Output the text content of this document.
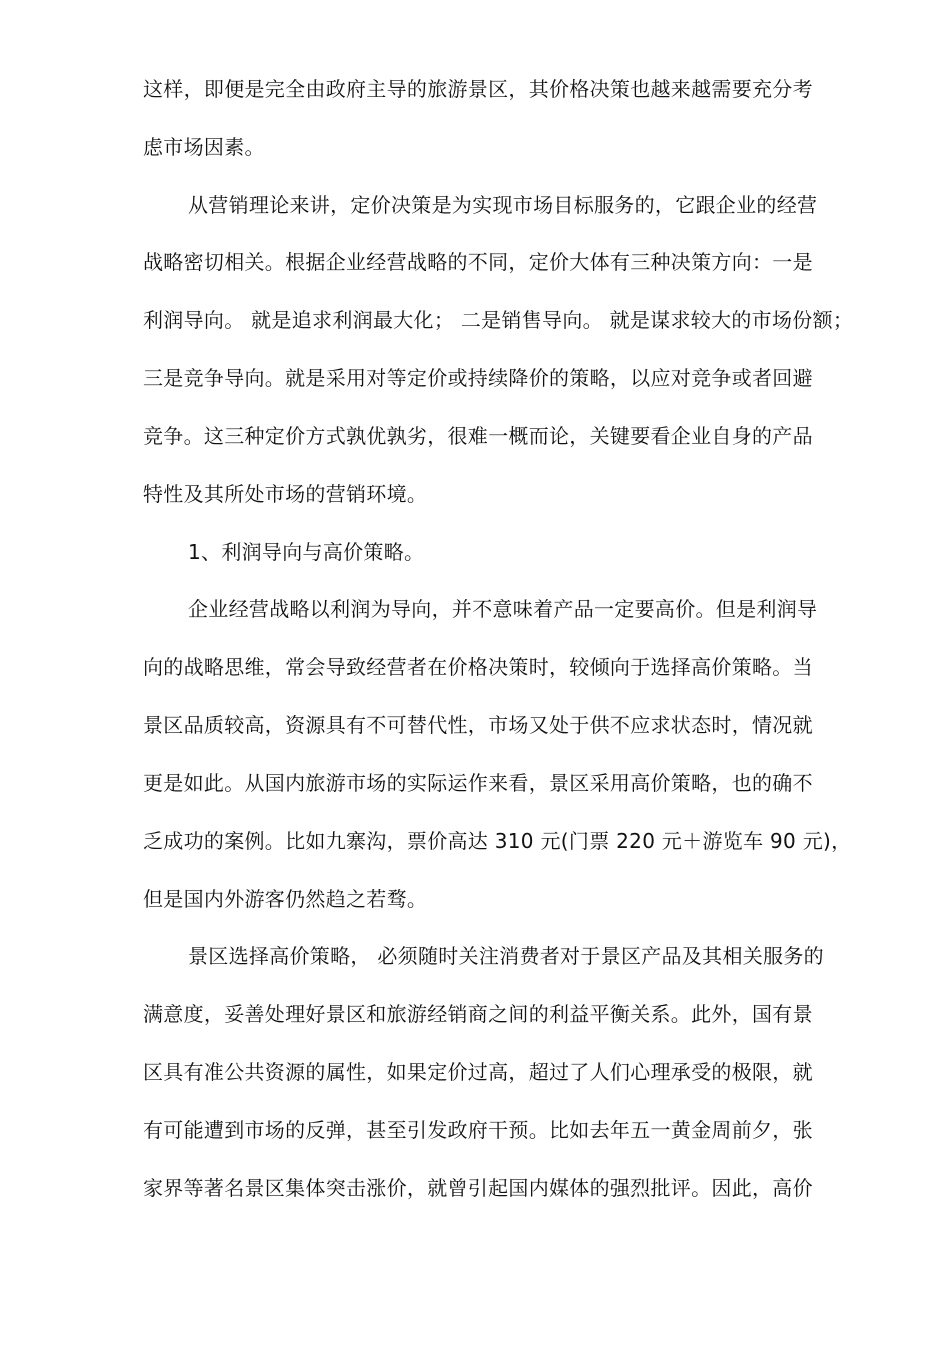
这样，即便是完全由政府主导的旅游景区，其价格决策也越来越需要充分考
虑市场因素。
从营销理论来讲，定价决策是为实现市场目标服务的，它跟企业的经营
战略密切相关。根据企业经营战略的不同，定价大体有三种决策方向：一是
利润导向。 就是追求利润最大化； 二是销售导向。 就是谋求较大的市场份额；
三是竞争导向。就是采用对等定价或持续降价的策略，以应对竞争或者回避
竞争。这三种定价方式孰优孰劣，很难一概而论，关键要看企业自身的产品
特性及其所处市场的营销环境。
1、利润导向与高价策略。
企业经营战略以利润为导向，并不意味着产品一定要高价。但是利润导
向的战略思维，常会导致经营者在价格决策时，较倾向于选择高价策略。当
景区品质较高，资源具有不可替代性，市场又处于供不应求状态时，情况就
更是如此。从国内旅游市场的实际运作来看，景区采用高价策略，也的确不
乏成功的案例。比如九寨沟，票价高达 310 元(门票 220 元＋游览车 90 元)，
但是国内外游客仍然趋之若骛。
景区选择高价策略， 必须随时关注消费者对于景区产品及其相关服务的
满意度，妥善处理好景区和旅游经销商之间的利益平衡关系。此外，国有景
区具有准公共资源的属性，如果定价过高，超过了人们心理承受的极限，就
有可能遭到市场的反弹，甚至引发政府干预。比如去年五一黄金周前夕，张
家界等著名景区集体突击涨价，就曾引起国内媒体的强烈批评。因此，高价
